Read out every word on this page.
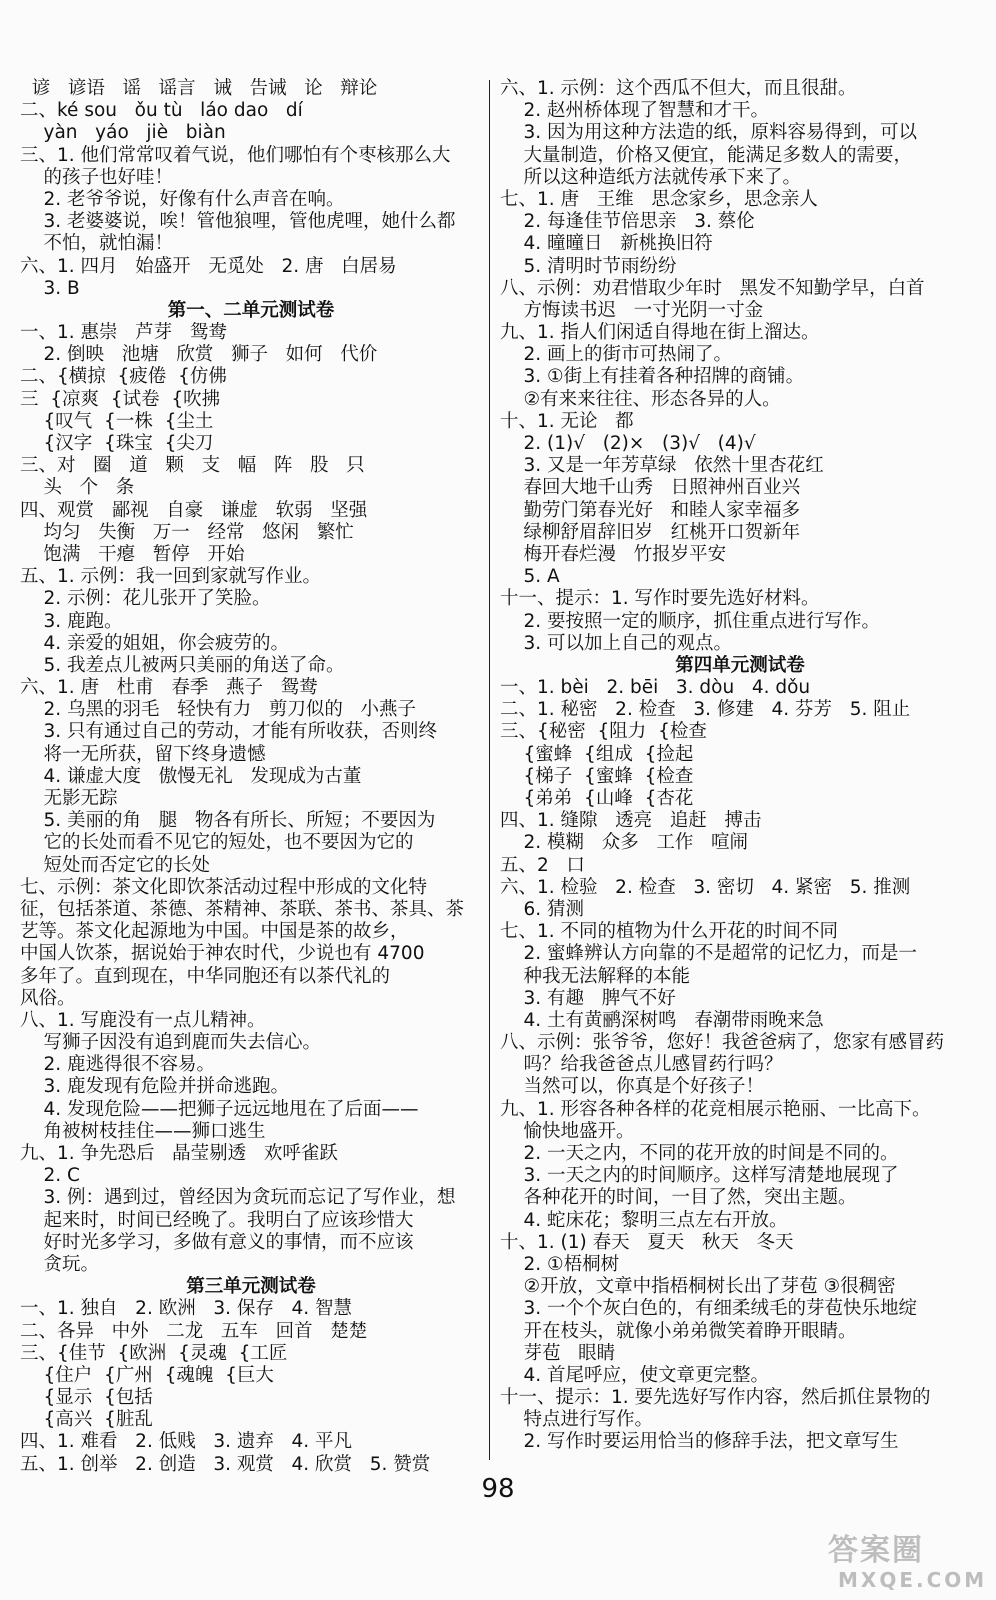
谚   谚语   谣   谣言   诫   告诫   论   辩论
二、ké sou   ǒu tù   láo dao   dí
yàn   yáo   jiè   biàn
三、1. 他们常常叹着气说，他们哪怕有个枣核那么大
的孩子也好哇！
2. 老爷爷说，好像有什么声音在响。
3. 老婆婆说，唉！管他狼哩，管他虎哩，她什么都
不怕，就怕漏！
六、1. 四月   始盛开   无觅处   2. 唐   白居易
3. B
第一、二单元测试卷
一、1. 惠崇   芦芽   鸳鸯
2. 倒映   池塘   欣赏   狮子   如何   代价
二、{横掠  {疲倦  {仿佛
三  {凉爽  {试卷  {吹拂
{叹气  {一株  {尘土
{汉字  {珠宝  {尖刀
三、对   圈   道   颗   支   幅   阵   股   只
头   个   条
四、观赏   鄙视   自豪   谦虚   软弱   坚强
均匀   失衡   万一   经常   悠闲   繁忙
饱满   干瘪   暂停   开始
五、1. 示例：我一回到家就写作业。
2. 示例：花儿张开了笑脸。
3. 鹿跑。
4. 亲爱的姐姐，你会疲劳的。
5. 我差点儿被两只美丽的角送了命。
六、1. 唐   杜甫   春季   燕子   鸳鸯
2. 乌黑的羽毛   轻快有力   剪刀似的   小燕子
3. 只有通过自己的劳动，才能有所收获，否则终
将一无所获，留下终身遗憾
4. 谦虚大度   傲慢无礼   发现成为古董
无影无踪
5. 美丽的角   腿   物各有所长、所短；不要因为
它的长处而看不见它的短处，也不要因为它的
短处而否定它的长处
七、示例：茶文化即饮茶活动过程中形成的文化特
征，包括茶道、茶德、茶精神、茶联、茶书、茶具、茶
艺等。茶文化起源地为中国。中国是茶的故乡，
中国人饮茶，据说始于神农时代，少说也有 4700
多年了。直到现在，中华同胞还有以茶代礼的
风俗。
八、1. 写鹿没有一点儿精神。
写狮子因没有追到鹿而失去信心。
2. 鹿逃得很不容易。
3. 鹿发现有危险并拼命逃跑。
4. 发现危险——把狮子远远地甩在了后面——
角被树枝挂住——狮口逃生
九、1. 争先恐后   晶莹剔透   欢呼雀跃
2. C
3. 例：遇到过，曾经因为贪玩而忘记了写作业，想
起来时，时间已经晚了。我明白了应该珍惜大
好时光多学习，多做有意义的事情，而不应该
贪玩。
第三单元测试卷
一、1. 独自   2. 欧洲   3. 保存   4. 智慧
二、各异   中外   二龙   五车   回首   楚楚
三、{佳节  {欧洲  {灵魂  {工匠
{住户  {广州  {魂魄  {巨大
{显示  {包括
{高兴  {脏乱
四、1. 难看   2. 低贱   3. 遗弃   4. 平凡
五、1. 创举   2. 创造   3. 观赏   4. 欣赏   5. 赞赏
六、1. 示例：这个西瓜不但大，而且很甜。
2. 赵州桥体现了智慧和才干。
3. 因为用这种方法造的纸，原料容易得到，可以
大量制造，价格又便宜，能满足多数人的需要，
所以这种造纸方法就传承下来了。
七、1. 唐   王维   思念家乡，思念亲人
2. 每逢佳节倍思亲   3. 蔡伦
4. 曈曈日   新桃换旧符
5. 清明时节雨纷纷
八、示例：劝君惜取少年时   黑发不知勤学早，白首
方悔读书迟   一寸光阴一寸金
九、1. 指人们闲适自得地在街上溜达。
2. 画上的街市可热闹了。
3. ①街上有挂着各种招牌的商铺。
②有来来往往、形态各异的人。
十、1. 无论   都
2. (1)√   (2)×   (3)√   (4)√
3. 又是一年芳草绿   依然十里杏花红
春回大地千山秀   日照神州百业兴
勤劳门第春光好   和睦人家幸福多
绿柳舒眉辞旧岁   红桃开口贺新年
梅开春烂漫   竹报岁平安
5. A
十一、提示：1. 写作时要先选好材料。
2. 要按照一定的顺序，抓住重点进行写作。
3. 可以加上自己的观点。
第四单元测试卷
一、1. bèi   2. bēi   3. dòu   4. dǒu
二、1. 秘密   2. 检查   3. 修建   4. 芬芳   5. 阻止
三、{秘密  {阻力  {检查
{蜜蜂  {组成  {捡起
{梯子  {蜜蜂  {检查
{弟弟  {山峰  {杏花
四、1. 缝隙   透亮   追赶   搏击
2. 模糊   众多   工作   喧闹
五、2   口
六、1. 检验   2. 检查   3. 密切   4. 紧密   5. 推测
6. 猜测
七、1. 不同的植物为什么开花的时间不同
2. 蜜蜂辨认方向靠的不是超常的记忆力，而是一
种我无法解释的本能
3. 有趣   脾气不好
4. 土有黄鹂深树鸣   春潮带雨晚来急
八、示例：张爷爷，您好！我爸爸病了，您家有感冒药
吗？给我爸爸点儿感冒药行吗？
当然可以，你真是个好孩子！
九、1. 形容各种各样的花竞相展示艳丽、一比高下。
愉快地盛开。
2. 一天之内，不同的花开放的时间是不同的。
3. 一天之内的时间顺序。这样写清楚地展现了
各种花开的时间，一目了然，突出主题。
4. 蛇床花；黎明三点左右开放。
十、1. (1) 春天   夏天   秋天   冬天
2. ①梧桐树
②开放，文章中指梧桐树长出了芽苞 ③很稠密
3. 一个个灰白色的，有细柔绒毛的芽苞快乐地绽
开在枝头，就像小弟弟微笑着睁开眼睛。
芽苞   眼睛
4. 首尾呼应，使文章更完整。
十一、提示：1. 要先选好写作内容，然后抓住景物的
特点进行写作。
2. 写作时要运用恰当的修辞手法，把文章写生
98
答案圈
MXQE.COM
